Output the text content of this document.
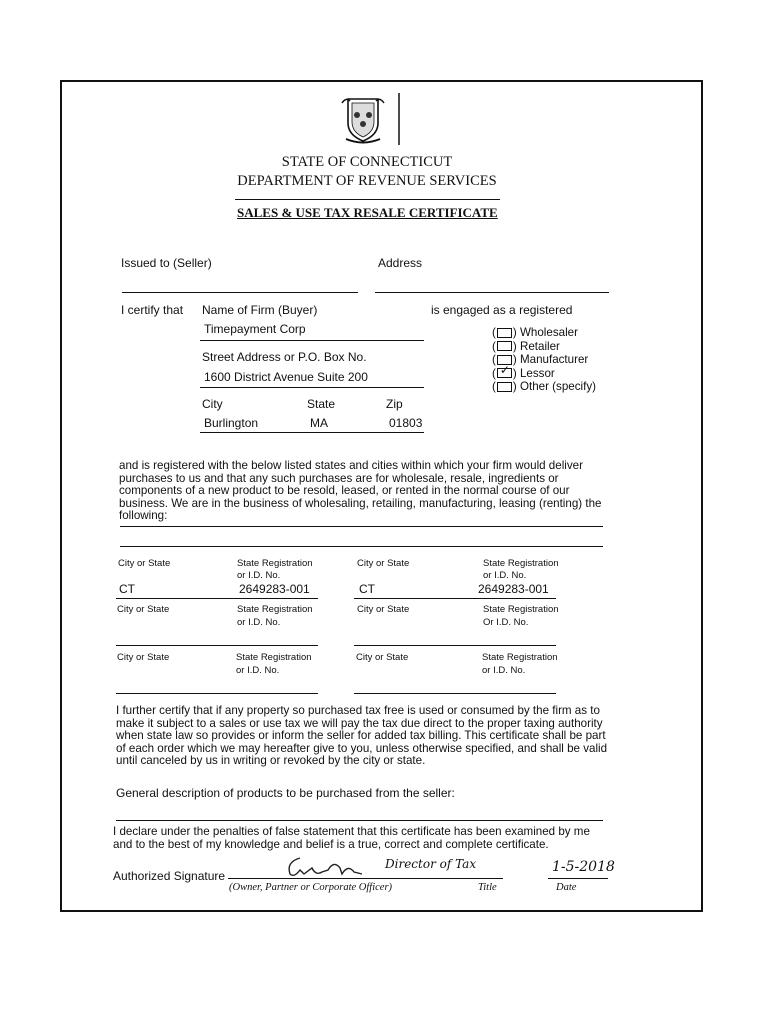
STATE OF CONNECTICUT
DEPARTMENT OF REVENUE SERVICES
SALES & USE TAX RESALE CERTIFICATE
Issued to (Seller)	Address
I certify that Name of Firm (Buyer)
Timepayment Corp
Street Address or P.O. Box No.
1600 District Avenue Suite 200
City	State	Zip
Burlington	MA	01803
is engaged as a registered
( ) Wholesaler
( ) Retailer
( ) Manufacturer
(
✓ ) Lessor
( ) Other (specify)
and is registered with the below listed states and cities within which your firm would deliver purchases to us and that any such purchases are for wholesale, resale, ingredients or components of a new product to be resold, leased, or rented in the normal course of our business. We are in the business of wholesaling, retailing, manufacturing, leasing (renting) the following:
City or State	State Registration
or I.D. No.
CT	2649283-001
City or State	State Registration
or I.D. No.
CT	2649283-001
City or State	State Registration
or I.D. No.
City or State	State Registration
Or I.D. No.
City or State	State Registration
or I.D. No.
City or State	State Registration
or I.D. No.
I further certify that if any property so purchased tax free is used or consumed by the firm as to make it subject to a sales or use tax we will pay the tax due direct to the proper taxing authority when state law so provides or inform the seller for added tax billing. This certificate shall be part of each order which we may hereafter give to you, unless otherwise specified, and shall be valid until canceled by us in writing or revoked by the city or state.
General description of products to be purchased from the seller:
I declare under the penalties of false statement that this certificate has been examined by me and to the best of my knowledge and belief is a true, correct and complete certificate.
Authorized Signature
Director of Tax	1-5-2018
(Owner, Partner or Corporate Officer)	Title	Date
